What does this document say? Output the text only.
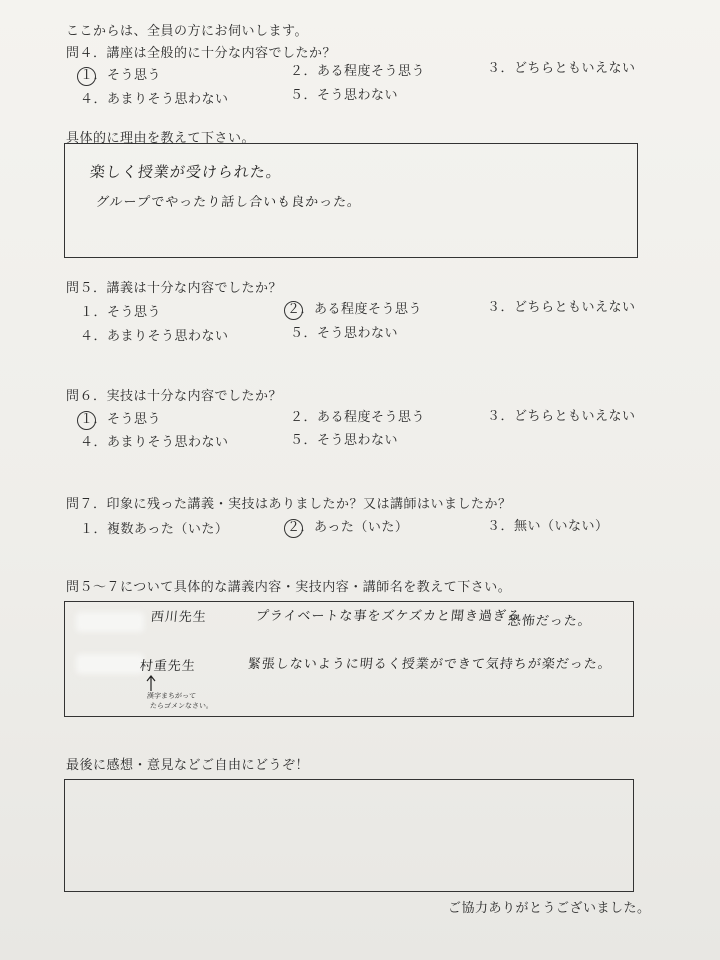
ここからは、全員の方にお伺いします。
問４．講座は全般的に十分な内容でしたか？
１．そう思う	２．ある程度そう思う	３．どちらともいえない
４．あまりそう思わない	５．そう思わない
具体的に理由を教えて下さい。
楽しく授業が受けられた。
グループでやったり話し合いも良かった。
問５．講義は十分な内容でしたか？
１．そう思う	２．ある程度そう思う	３．どちらともいえない
４．あまりそう思わない	５．そう思わない
問６．実技は十分な内容でしたか？
１．そう思う	２．ある程度そう思う	３．どちらともいえない
４．あまりそう思わない	５．そう思わない
問７．印象に残った講義・実技はありましたか？又は講師はいましたか？
１．複数あった（いた）	２．あった（いた）	３．無い（いない）
問５～７について具体的な講義内容・実技内容・講師名を教えて下さい。
西川先生	プライベートな事をズケズカと聞き過ぎる
恐怖だった。
村重先生	緊張しないように明るく授業ができて気持ちが楽だった。
漢字まちがって
たらゴメンなさい。
最後に感想・意見などご自由にどうぞ！
ご協力ありがとうございました。
